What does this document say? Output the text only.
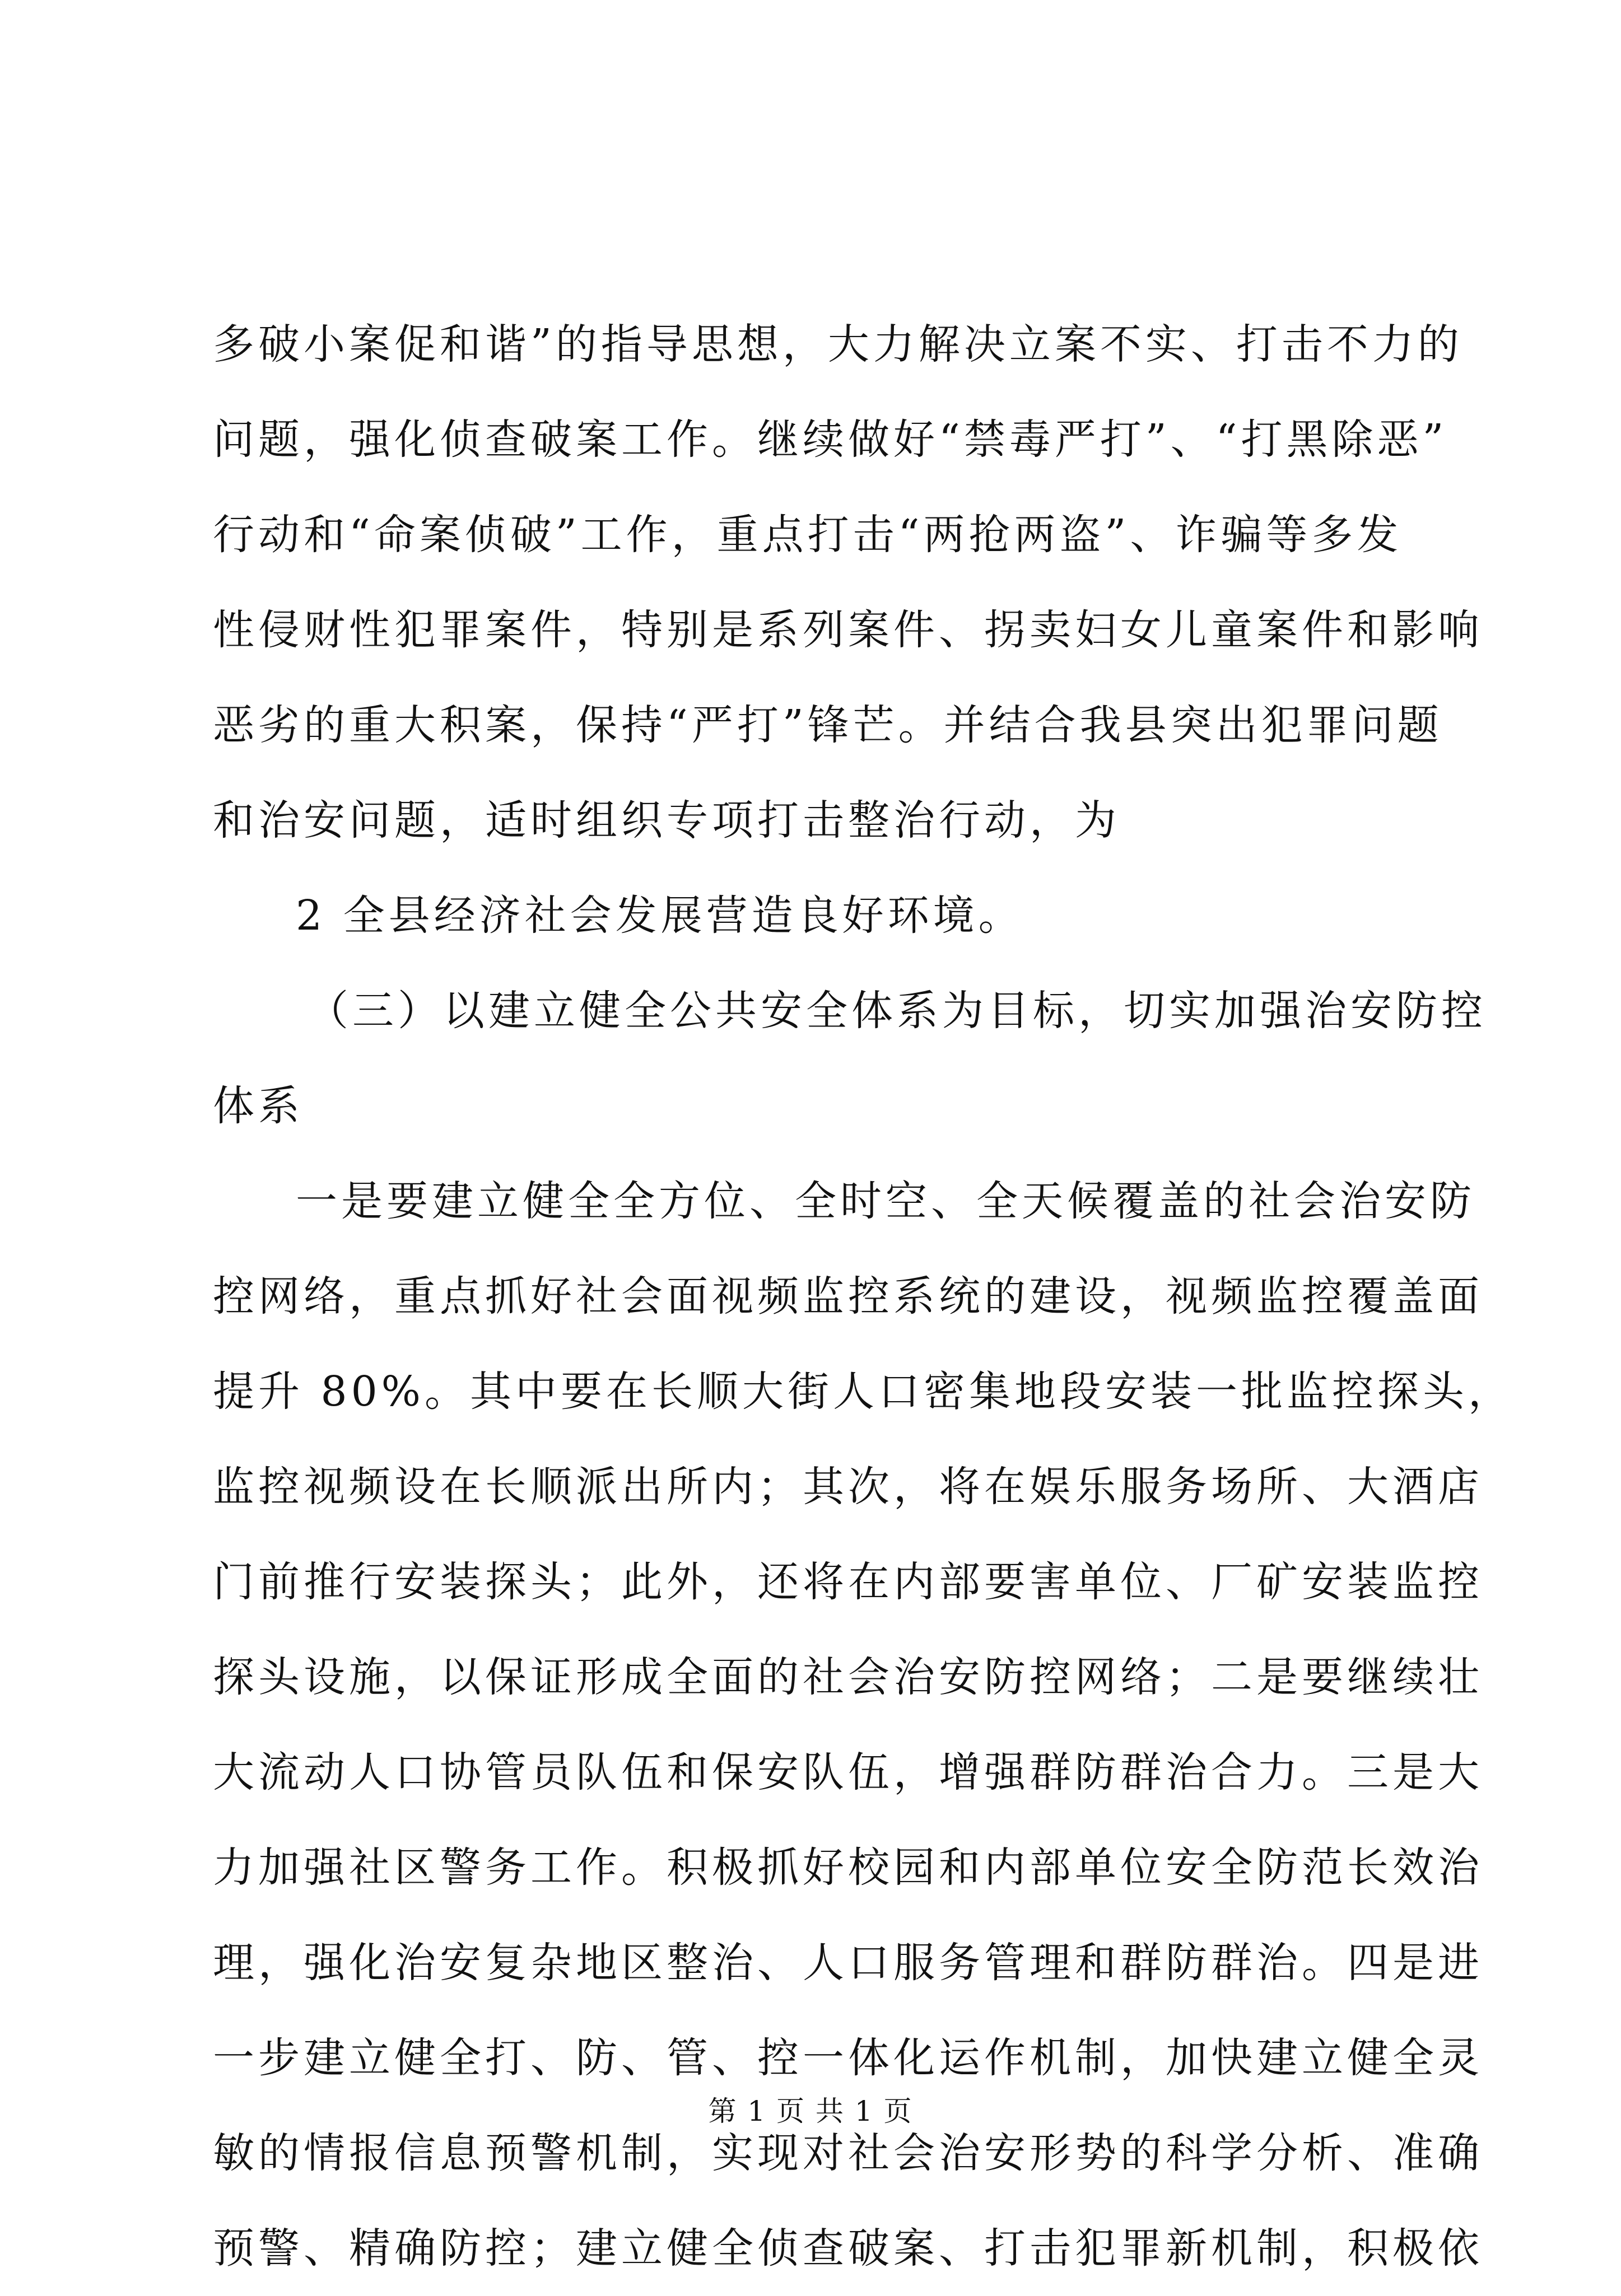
多破小案促和谐”的指导思想，大力解决立案不实、打击不力的
问题，强化侦查破案工作。继续做好“禁毒严打”、“打黑除恶”
行动和“命案侦破”工作，重点打击“两抢两盗”、诈骗等多发
性侵财性犯罪案件，特别是系列案件、拐卖妇女儿童案件和影响
恶劣的重大积案，保持“严打”锋芒。并结合我县突出犯罪问题
和治安问题，适时组织专项打击整治行动，为
2 全县经济社会发展营造良好环境。
（三）以建立健全公共安全体系为目标，切实加强治安防控
体系
一是要建立健全全方位、全时空、全天候覆盖的社会治安防
控网络，重点抓好社会面视频监控系统的建设，视频监控覆盖面
提升 80%。其中要在长顺大街人口密集地段安装一批监控探头，
监控视频设在长顺派出所内；其次，将在娱乐服务场所、大酒店
门前推行安装探头；此外，还将在内部要害单位、厂矿安装监控
探头设施，以保证形成全面的社会治安防控网络；二是要继续壮
大流动人口协管员队伍和保安队伍，增强群防群治合力。三是大
力加强社区警务工作。积极抓好校园和内部单位安全防范长效治
理，强化治安复杂地区整治、人口服务管理和群防群治。四是进
一步建立健全打、防、管、控一体化运作机制，加快建立健全灵
敏的情报信息预警机制，实现对社会治安形势的科学分析、准确
预警、精确防控；建立健全侦查破案、打击犯罪新机制，积极依
第 1 页 共 1 页
